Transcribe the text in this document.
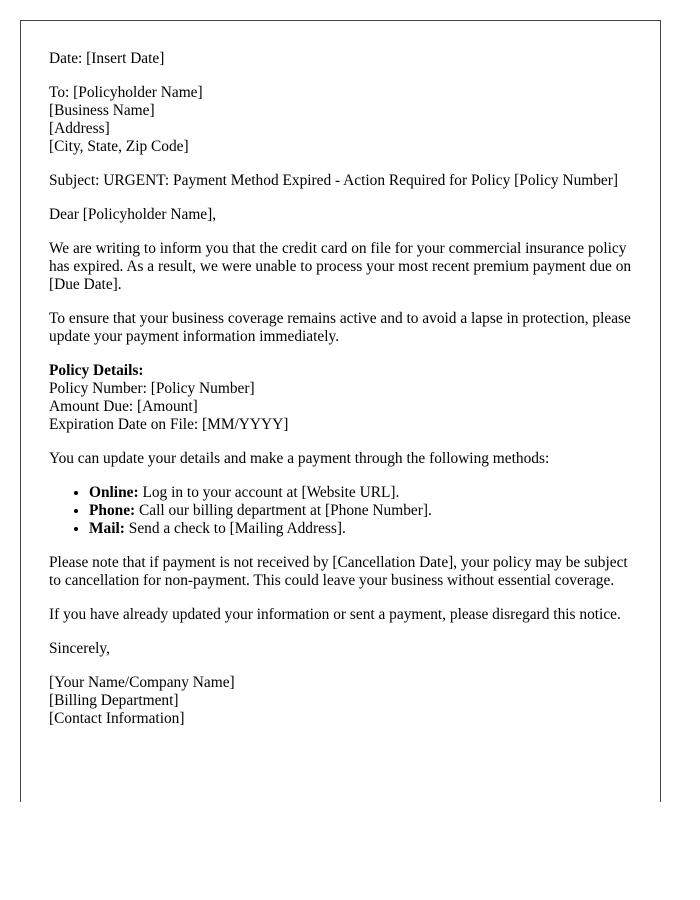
Date: [Insert Date]

To: [Policyholder Name]
[Business Name]
[Address]
[City, State, Zip Code]

Subject: URGENT: Payment Method Expired - Action Required for Policy [Policy Number]

Dear [Policyholder Name],

We are writing to inform you that the credit card on file for your commercial insurance policy has expired. As a result, we were unable to process your most recent premium payment due on [Due Date].

To ensure that your business coverage remains active and to avoid a lapse in protection, please update your payment information immediately.

Policy Details:
Policy Number: [Policy Number]
Amount Due: [Amount]
Expiration Date on File: [MM/YYYY]

You can update your details and make a payment through the following methods:

• Online: Log in to your account at [Website URL].
• Phone: Call our billing department at [Phone Number].
• Mail: Send a check to [Mailing Address].

Please note that if payment is not received by [Cancellation Date], your policy may be subject to cancellation for non-payment. This could leave your business without essential coverage.

If you have already updated your information or sent a payment, please disregard this notice.

Sincerely,

[Your Name/Company Name]
[Billing Department]
[Contact Information]
